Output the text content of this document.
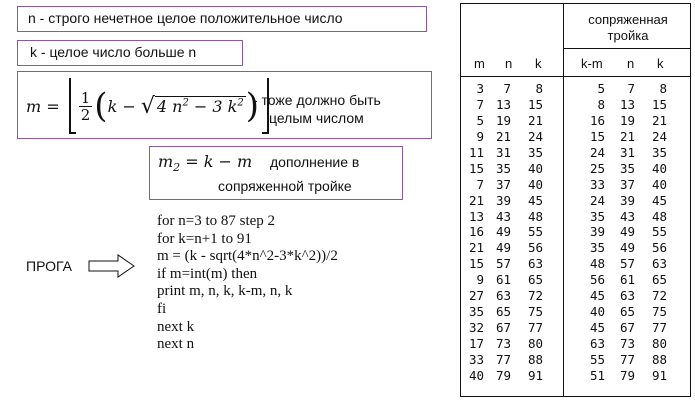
n - строго нечетное целое положительное число
k - целое число больше n
$m = \frac{1}{2}$ ( k − √ 4 $n^2 - 3$ $k^2$ )
- тоже должно быть
целым числом
$m_2 = k - m$ дополнение в
сопряженной тройке
ПРОГА
for n=3 to 87 step 2
for k=n+1 to 91
m = (k - sqrt(4*n^2-3*k^2))/2
if m=int(m) then
print m, n, k, k-m, n, k
fi
next k
next n
сопряженная
тройка
m n k	k-m n k
3
7
5
9
11
15
7
21
13
16
21
15
9
27
35
32
17
33
40
7
13
19
21
31
35
37
39
43
49
49
57
61
63
65
67
73
77
79
8
15
21
24
35
40
40
45
48
55
56
63
65
72
75
77
80
88
91
5
8
16
15
24
25
33
24
35
39
35
48
56
45
40
45
63
55
51
7
13
19
21
31
35
37
39
43
49
49
57
61
63
65
67
73
77
79
8
15
21
24
35
40
40
45
48
55
56
63
65
72
75
77
80
88
91
